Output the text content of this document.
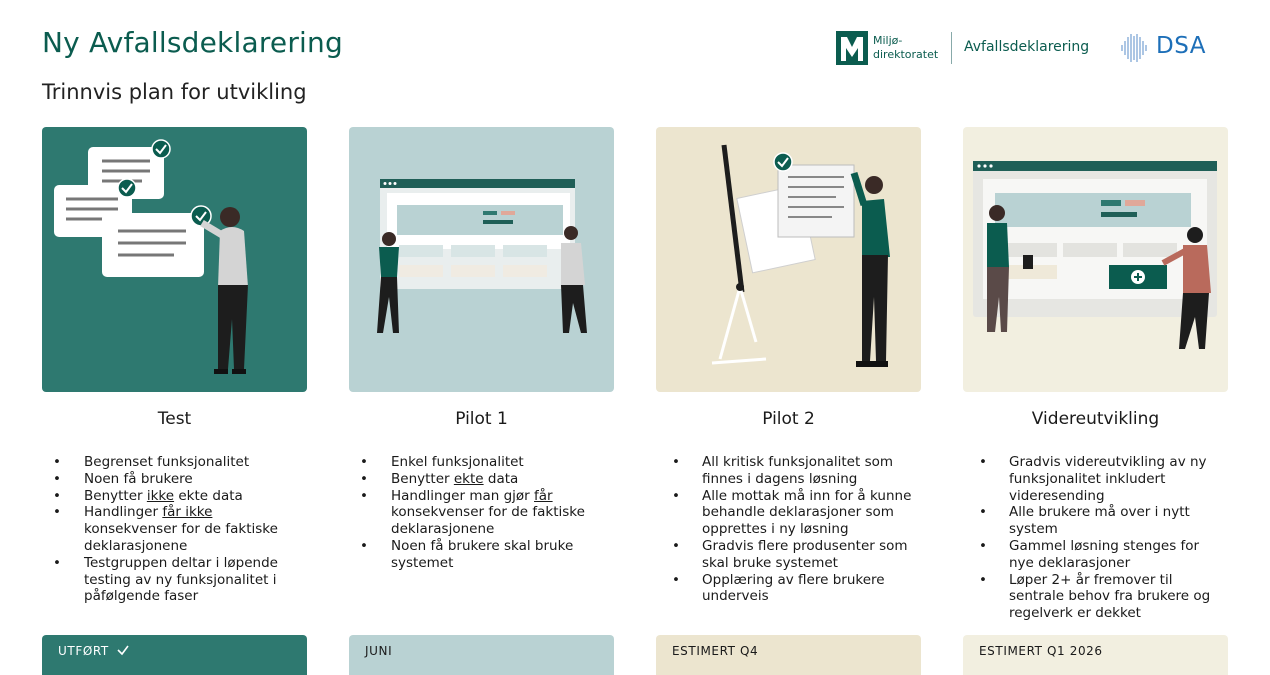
Ny Avfallsdeklarering
Trinnvis plan for utvikling
Miljø-
direktoratet Avfallsdeklarering	DSA
Test
• Begrenset funksjonalitet
• Noen få brukere
• Benytter ikke ekte data
• Handlinger får ikke konsekvenser for de faktiske deklarasjonene
• Testgruppen deltar i løpende testing av ny funksjonalitet i påfølgende faser
UTFØRT
Pilot 1
• Enkel funksjonalitet
• Benytter ekte data
• Handlinger man gjør får konsekvenser for de faktiske deklarasjonene
• Noen få brukere skal bruke systemet
JUNI
Pilot 2
• All kritisk funksjonalitet som finnes i dagens løsning
• Alle mottak må inn for å kunne behandle deklarasjoner som opprettes i ny løsning
• Gradvis flere produsenter som skal bruke systemet
• Opplæring av flere brukere underveis
ESTIMERT Q4
Videreutvikling
• Gradvis videreutvikling av ny funksjonalitet inkludert videresending
• Alle brukere må over i nytt system
• Gammel løsning stenges for nye deklarasjoner
• Løper 2+ år fremover til sentrale behov fra brukere og regelverk er dekket
ESTIMERT Q1 2026
